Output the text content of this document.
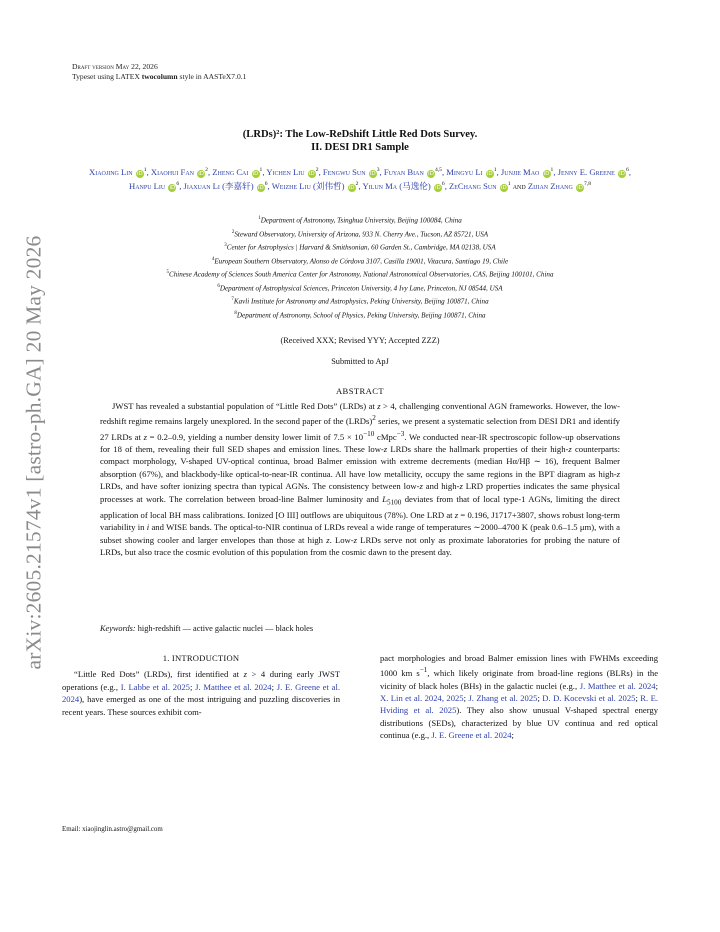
arXiv:2605.21574v1 [astro-ph.GA] 20 May 2026
Draft version May 22, 2026
Typeset using LATEX twocolumn style in AASTeX7.0.1
(LRDs)²: The Low-ReDshift Little Red Dots Survey.
II. DESI DR1 Sample
Xiaojing Lin $iD^1$, Xiaohui Fan $iD^2$, Zheng Cai $iD^1$, Yichen Liu $iD^2$, Fengwu Sun $iD^3$, Fuyan Bian iD$^{4,5}$, Mingyu Li $iD^1$, Junjie Mao $iD^1$, Jenny E. Greene $iD^6$, Hanpu Liu $iD^6$, Jiaxuan Li (李嘉轩) $iD^6$, Weizhe Liu (刘伟哲) $iD^2$, Yilun Ma (马逸伦) $iD^6$, ZeChang Sun $iD^1$ and Zijian Zhang iD$^{7,8}$
$^1$Department of Astronomy, Tsinghua University, Beijing 100084, China
$^2$Steward Observatory, University of Arizona, 933 N. Cherry Ave., Tucson, AZ 85721, USA
$^3$Center for Astrophysics | Harvard & Smithsonian, 60 Garden St., Cambridge, MA 02138, USA
$^4$European Southern Observatory, Alonso de Córdova 3107, Casilla 19001, Vitacura, Santiago 19, Chile
$^5$Chinese Academy of Sciences South America Center for Astronomy, National Astronomical Observatories, CAS, Beijing 100101, China
$^6$Department of Astrophysical Sciences, Princeton University, 4 Ivy Lane, Princeton, NJ 08544, USA
$^7$Kavli Institute for Astronomy and Astrophysics, Peking University, Beijing 100871, China
$^8$Department of Astronomy, School of Physics, Peking University, Beijing 100871, China
(Received XXX; Revised YYY; Accepted ZZZ)
Submitted to ApJ
ABSTRACT

JWST has revealed a substantial population of “Little Red Dots” (LRDs) at z > 4, challenging conventional AGN frameworks. However, the low-redshift regime remains largely unexplored. In the second paper of the (LRDs)$^2$ series, we present a systematic selection from DESI DR1 and identify 27 LRDs at z = 0.2–0.9, yielding a number density lower limit of $7.5 \times 10^{-10}$ cMpc$^{-3}$. We conducted near-IR spectroscopic follow-up observations for 18 of them, revealing their full SED shapes and emission lines. These low-z LRDs share the hallmark properties of their high-z counterparts: compact morphology, V-shaped UV-optical continua, broad Balmer emission with extreme decrements (median Hα/Hβ ∼ 16), frequent Balmer absorption (67%), and blackbody-like optical-to-near-IR continua. All have low metallicity, occupy the same regions in the BPT diagram as high-z LRDs, and have softer ionizing spectra than typical AGNs. The consistency between low-z and high-z LRD properties indicates the same physical processes at work. The correlation between broad-line Balmer luminosity and $L_{5100}$ deviates from that of local type-1 AGNs, limiting the direct application of local BH mass calibrations. Ionized [O III] outflows are ubiquitous (78%). One LRD at z = 0.196, J1717+3807, shows robust long-term variability in i and WISE bands. The optical-to-NIR continua of LRDs reveal a wide range of temperatures ∼2000–4700 K (peak 0.6–1.5 μm), with a subset showing cooler and larger envelopes than those at high z. Low-z LRDs serve not only as proximate laboratories for probing the nature of LRDs, but also trace the cosmic evolution of this population from the cosmic dawn to the present day.

Keywords: high-redshift — active galactic nuclei — black holes
1. INTRODUCTION

“Little Red Dots” (LRDs), first identified at z > 4 during early JWST operations (e.g., I. Labbe et al. 2025; J. Matthee et al. 2024; J. E. Greene et al. 2024), have emerged as one of the most intriguing and puzzling discoveries in recent years. These sources exhibit com-

pact morphologies and broad Balmer emission lines with FWHMs exceeding 1000 km $s^{-1}$, which likely originate from broad-line regions (BLRs) in the vicinity of black holes (BHs) in the galactic nuclei (e.g., J. Matthee et al. 2024; X. Lin et al. 2024, 2025; J. Zhang et al. 2025; D. D. Kocevski et al. 2025; R. E. Hviding et al. 2025). They also show unusual V-shaped spectral energy distributions (SEDs), characterized by blue UV continua and red optical continua (e.g., J. E. Greene et al. 2024;

Email: xiaojinglin.astro@gmail.com
